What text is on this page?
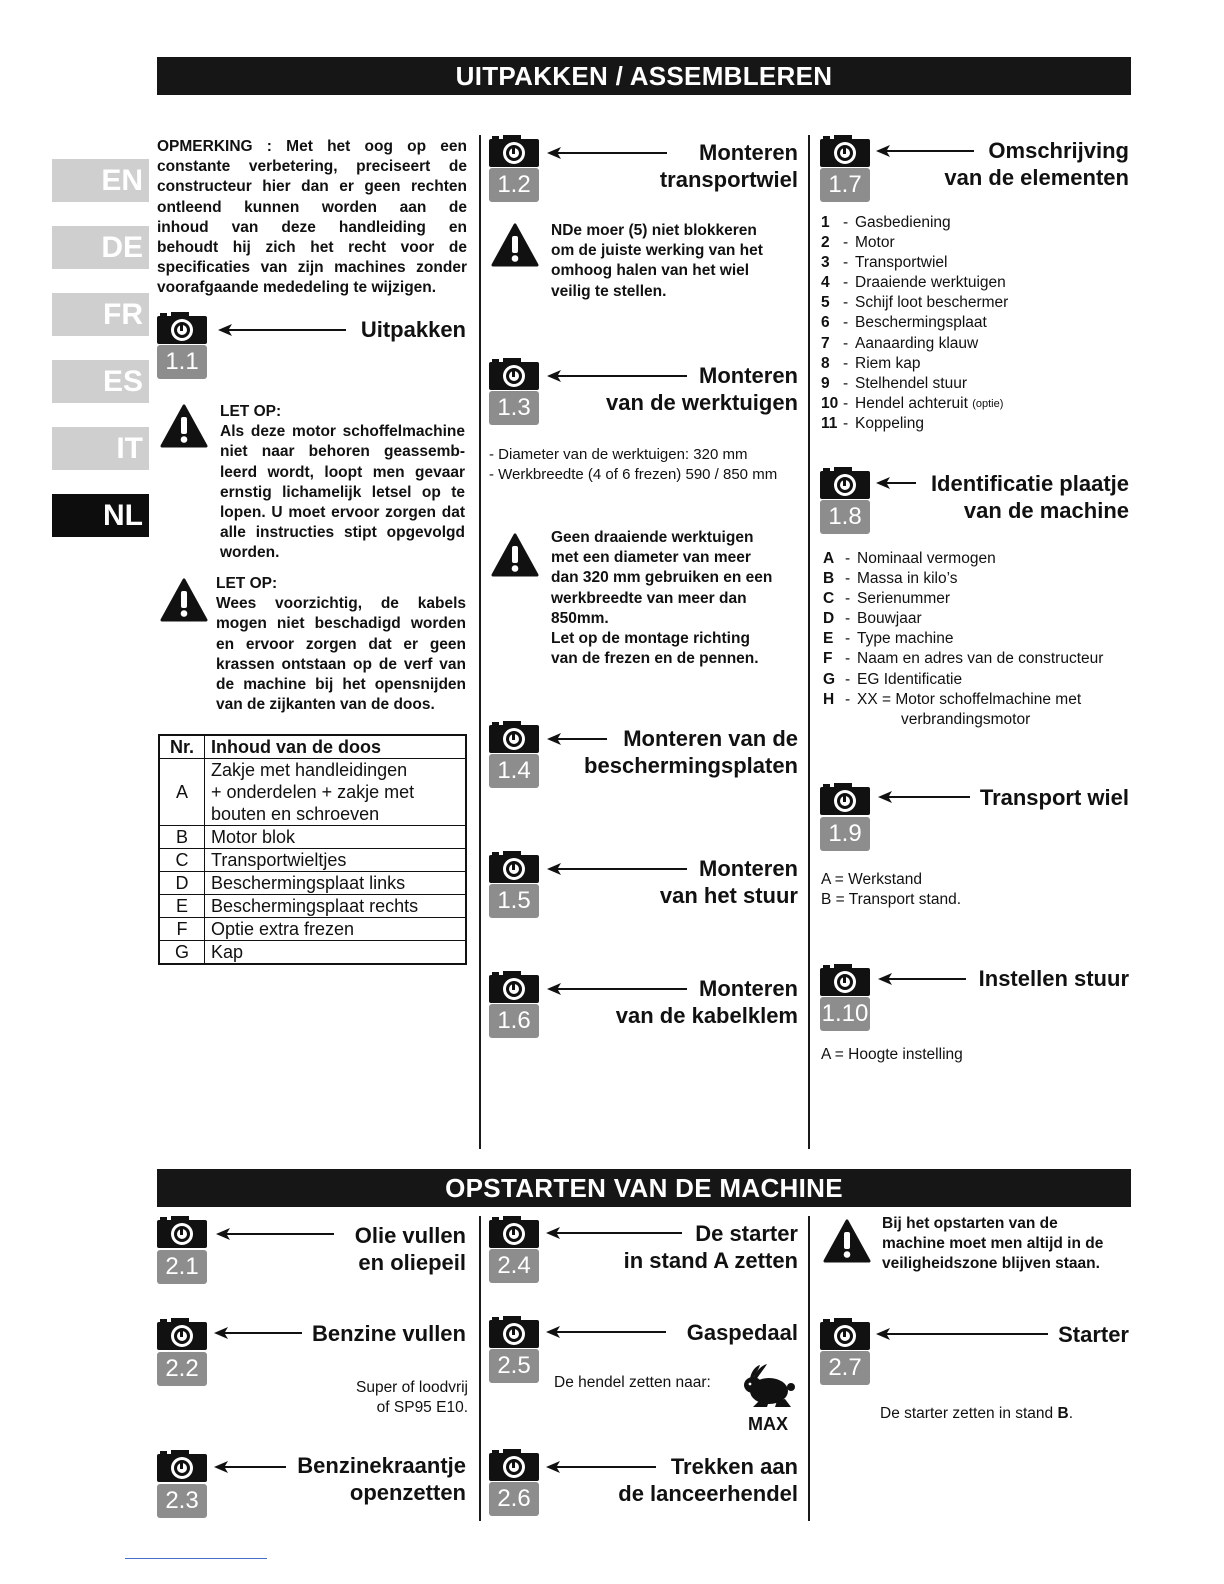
EN
DE
FR
ES
IT
NL
UITPAKKEN / ASSEMBLEREN
OPSTARTEN VAN DE MACHINE
OPMERKING : Met het oog op een
constante verbetering, preciseert de
constructeur hier dan er geen rechten
ontleend kunnen worden aan de
inhoud van deze handleiding en
behoudt hij zich het recht voor de
specificaties van zijn machines zonder
voorafgaande mededeling te wijzigen.
1.1
Uitpakken
LET OP:
Als deze motor schoffelmachine
niet naar behoren geassemb-
leerd wordt, loopt men gevaar
ernstig lichamelijk letsel op te
lopen. U moet ervoor zorgen dat
alle instructies stipt opgevolgd
worden.
LET OP:
Wees voorzichtig, de kabels
mogen niet beschadigd worden
en ervoor zorgen dat er geen
krassen ontstaan op de verf van
de machine bij het opensnijden
van de zijkanten van de doos.
Nr.	Inhoud van de doos
A	Zakje met handleidingen
+ onderdelen + zakje met
bouten en schroeven

B	Motor blok
C	Transportwieltjes
D	Beschermingsplaat links
E	Beschermingsplaat rechts
F	Optie extra frezen
G	Kap
1.2
Monteren
transportwiel
NDe moer (5) niet blokkeren
om de juiste werking van het
omhoog halen van het wiel
veilig te stellen.
1.3
Monteren
van de werktuigen
- Diameter van de werktuigen: 320 mm
- Werkbreedte (4 of 6 frezen) 590 / 850 mm
Geen draaiende werktuigen
met een diameter van meer
dan 320 mm gebruiken en een
werkbreedte van meer dan
850mm.
Let op de montage richting
van de frezen en de pennen.
1.4
Monteren van de
beschermingsplaten
1.5
Monteren
van het stuur
1.6
Monteren
van de kabelklem
1.7
Omschrijving
van de elementen
1 - Gasbediening
2 - Motor
3 - Transportwiel
4 - Draaiende werktuigen
5 - Schijf loot beschermer
6 - Beschermingsplaat
7 - Aanaarding klauw
8 - Riem kap
9 - Stelhendel stuur
10 - Hendel achteruit
(optie)
11 - Koppeling
1.8
Identificatie plaatje
van de machine
A - Nominaal vermogen
B - Massa in kilo’s
C - Serienummer
D - Bouwjaar
E - Type machine
F - Naam en adres van de constructeur
G - EG Identificatie
H - XX = Motor schoffelmachine met
verbrandingsmotor
1.9
Transport wiel
A = Werkstand
B = Transport stand.
1.10
Instellen stuur
A = Hoogte instelling
2.1
Olie vullen
en oliepeil
2.2
Benzine vullen
Super of loodvrij
of SP95 E10.
2.3
Benzinekraantje
openzetten
2.4
De starter
in stand A zetten
2.5
Gaspedaal
De hendel zetten naar:
MAX
2.6
Trekken aan
de lanceerhendel
Bij het opstarten van de
machine moet men altijd in de
veiligheidszone blijven staan.
2.7
Starter
De starter zetten in stand B.
